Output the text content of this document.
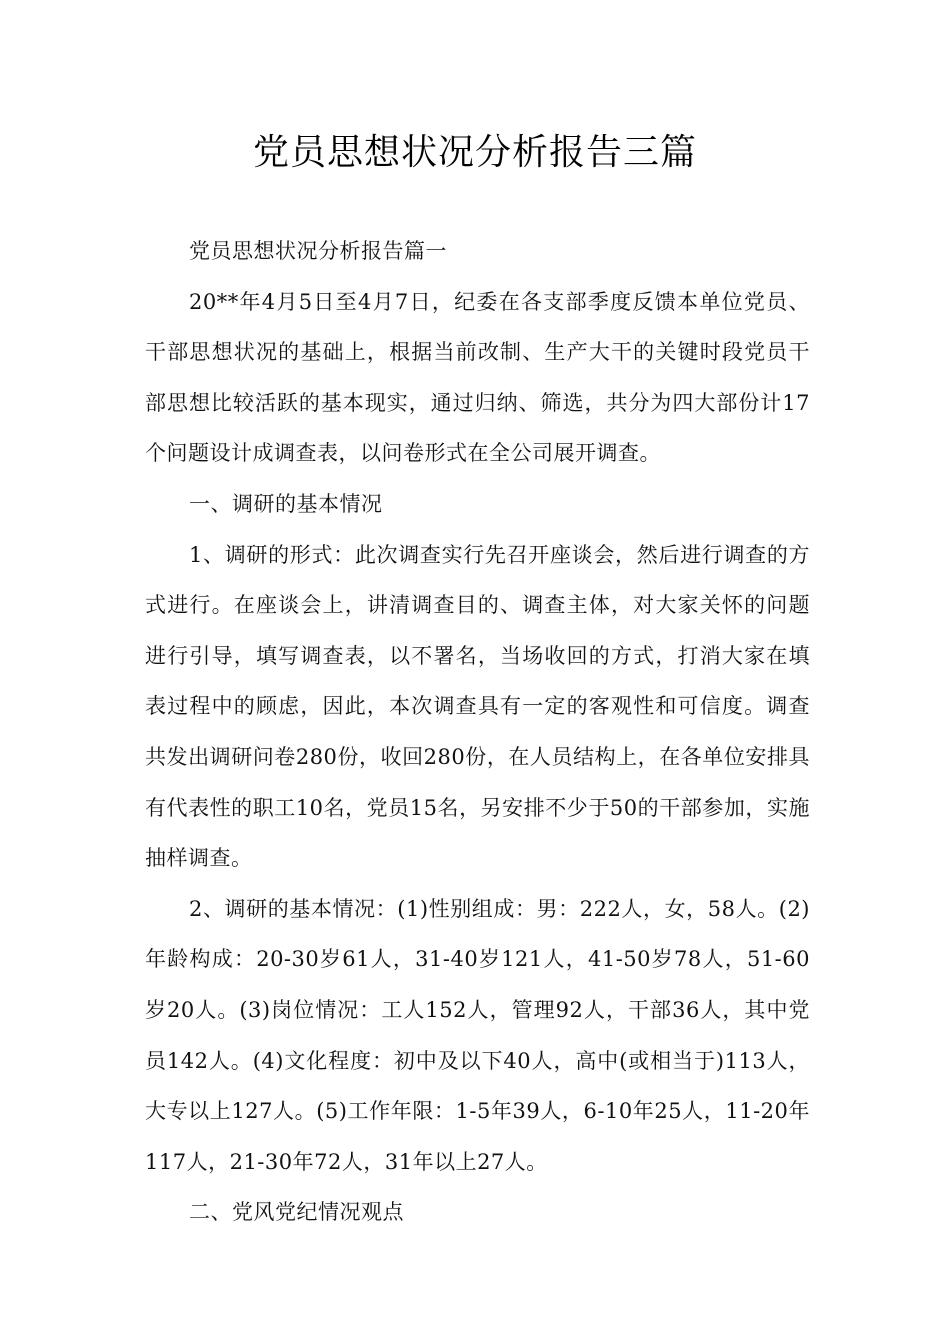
党员思想状况分析报告三篇

党员思想状况分析报告篇一

20**年4月5日至4月7日，纪委在各支部季度反馈本单位党员、干部思想状况的基础上，根据当前改制、生产大干的关键时段党员干部思想比较活跃的基本现实，通过归纳、筛选，共分为四大部份计17个问题设计成调查表，以问卷形式在全公司展开调查。

一、调研的基本情况

1、调研的形式：此次调查实行先召开座谈会，然后进行调查的方式进行。在座谈会上，讲清调查目的、调查主体，对大家关怀的问题进行引导，填写调查表，以不署名，当场收回的方式，打消大家在填表过程中的顾虑，因此，本次调查具有一定的客观性和可信度。调查共发出调研问卷280份，收回280份，在人员结构上，在各单位安排具有代表性的职工10名，党员15名，另安排不少于50的干部参加，实施抽样调查。

2、调研的基本情况：(1)性别组成：男：222人，女，58人。(2)年龄构成：20-30岁61人，31-40岁121人，41-50岁78人，51-60岁20人。(3)岗位情况：工人152人，管理92人，干部36人，其中党员142人。(4)文化程度：初中及以下40人，高中(或相当于)113人，大专以上127人。(5)工作年限：1-5年39人，6-10年25人，11-20年117人，21-30年72人，31年以上27人。

二、党风党纪情况观点
